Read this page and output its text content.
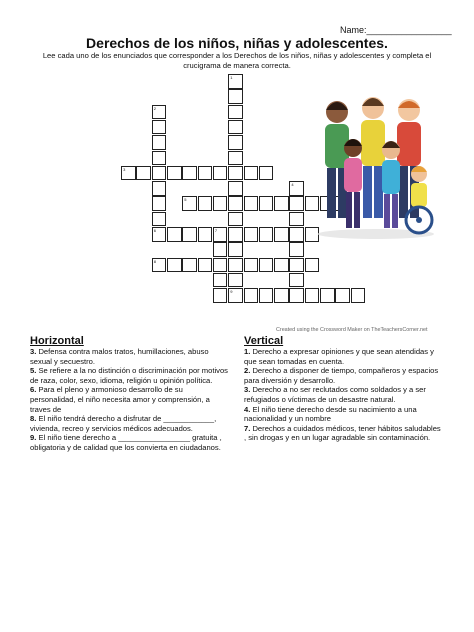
Name:_________________
Derechos de los niños, niñas y adolescentes.
Lee cada uno de los enunciados que corresponder a los Derechos de los niños, niñas y adolescentes y completa el crucigrama de manera correcta.
1
9
2
6
3
4
5
7
8
Created using the Crossword Maker on TheTeachersCorner.net
Horizontal
3. Defensa contra malos tratos, humillaciones, abuso sexual y secuestro.
5. Se refiere a la no distinción o discriminación por motivos de raza, color, sexo, idioma, religión u opinión política.
6. Para el pleno y armonioso desarrollo de su personalidad, el niño necesita amor y comprensión, a traves de
8. El niño tendrá derecho a disfrutar de ____________, vivienda, recreo y servicios médicos adecuados.
9. El niño tiene derecho a _________________ gratuita , obligatoria y de calidad que los convierta en ciudadanos.
Vertical
1. Derecho a expresar opiniones y que sean atendidas y que sean tomadas en cuenta.
2. Derecho a disponer de tiempo, compañeros y espacios para diversión y desarrollo.
3. Derecho a no ser reclutados como soldados y a ser refugiados o víctimas de un desastre natural.
4. El niño tiene derecho desde su nacimiento a una nacionalidad y un nombre
7. Derechos a cuidados médicos, tener hábitos saludables , sin drogas y en un lugar agradable sin contaminación.
